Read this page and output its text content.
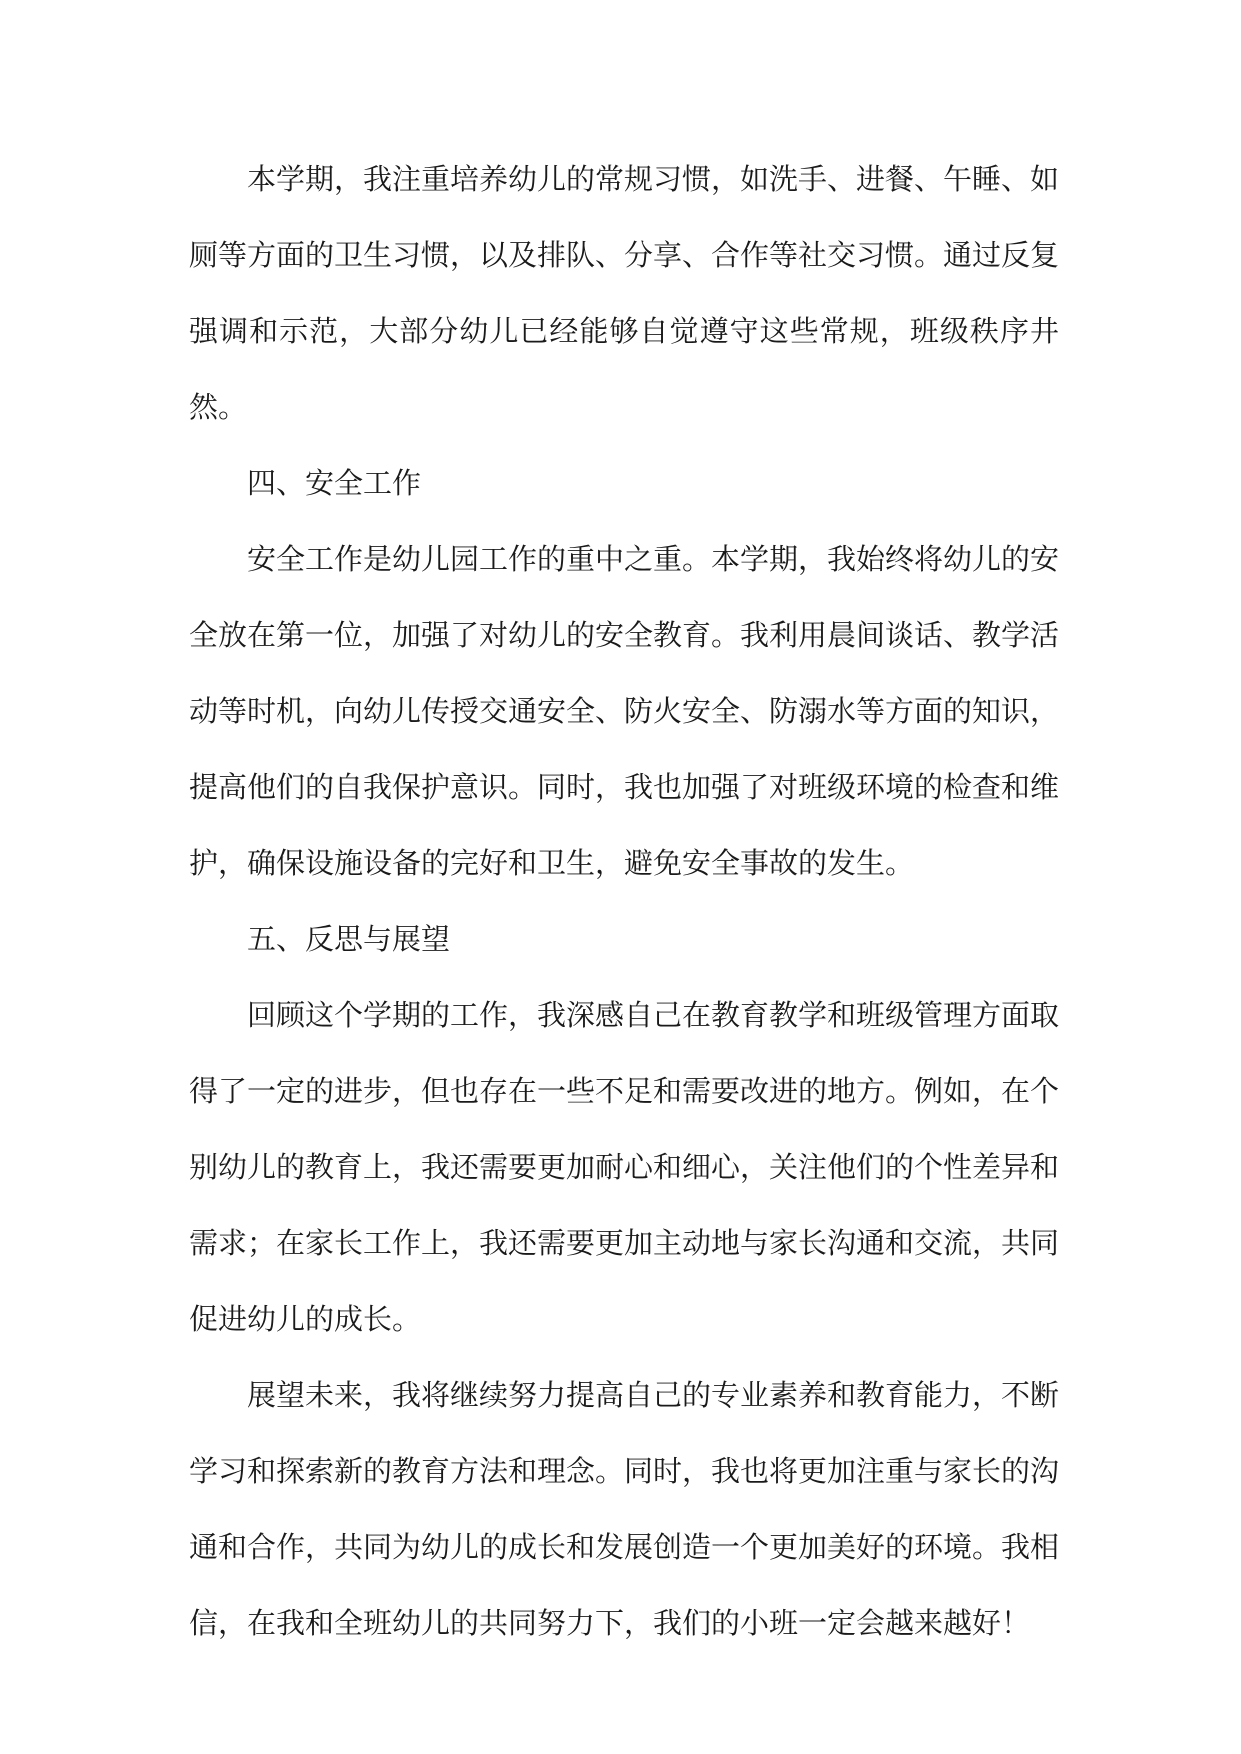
本学期，我注重培养幼儿的常规习惯，如洗手、进餐、午睡、如厕等方面的卫生习惯，以及排队、分享、合作等社交习惯。通过反复强调和示范，大部分幼儿已经能够自觉遵守这些常规，班级秩序井然。

四、安全工作

安全工作是幼儿园工作的重中之重。本学期，我始终将幼儿的安全放在第一位，加强了对幼儿的安全教育。我利用晨间谈话、教学活动等时机，向幼儿传授交通安全、防火安全、防溺水等方面的知识，提高他们的自我保护意识。同时，我也加强了对班级环境的检查和维护，确保设施设备的完好和卫生，避免安全事故的发生。

五、反思与展望

回顾这个学期的工作，我深感自己在教育教学和班级管理方面取得了一定的进步，但也存在一些不足和需要改进的地方。例如，在个别幼儿的教育上，我还需要更加耐心和细心，关注他们的个性差异和需求；在家长工作上，我还需要更加主动地与家长沟通和交流，共同促进幼儿的成长。

展望未来，我将继续努力提高自己的专业素养和教育能力，不断学习和探索新的教育方法和理念。同时，我也将更加注重与家长的沟通和合作，共同为幼儿的成长和发展创造一个更加美好的环境。我相信，在我和全班幼儿的共同努力下，我们的小班一定会越来越好！
